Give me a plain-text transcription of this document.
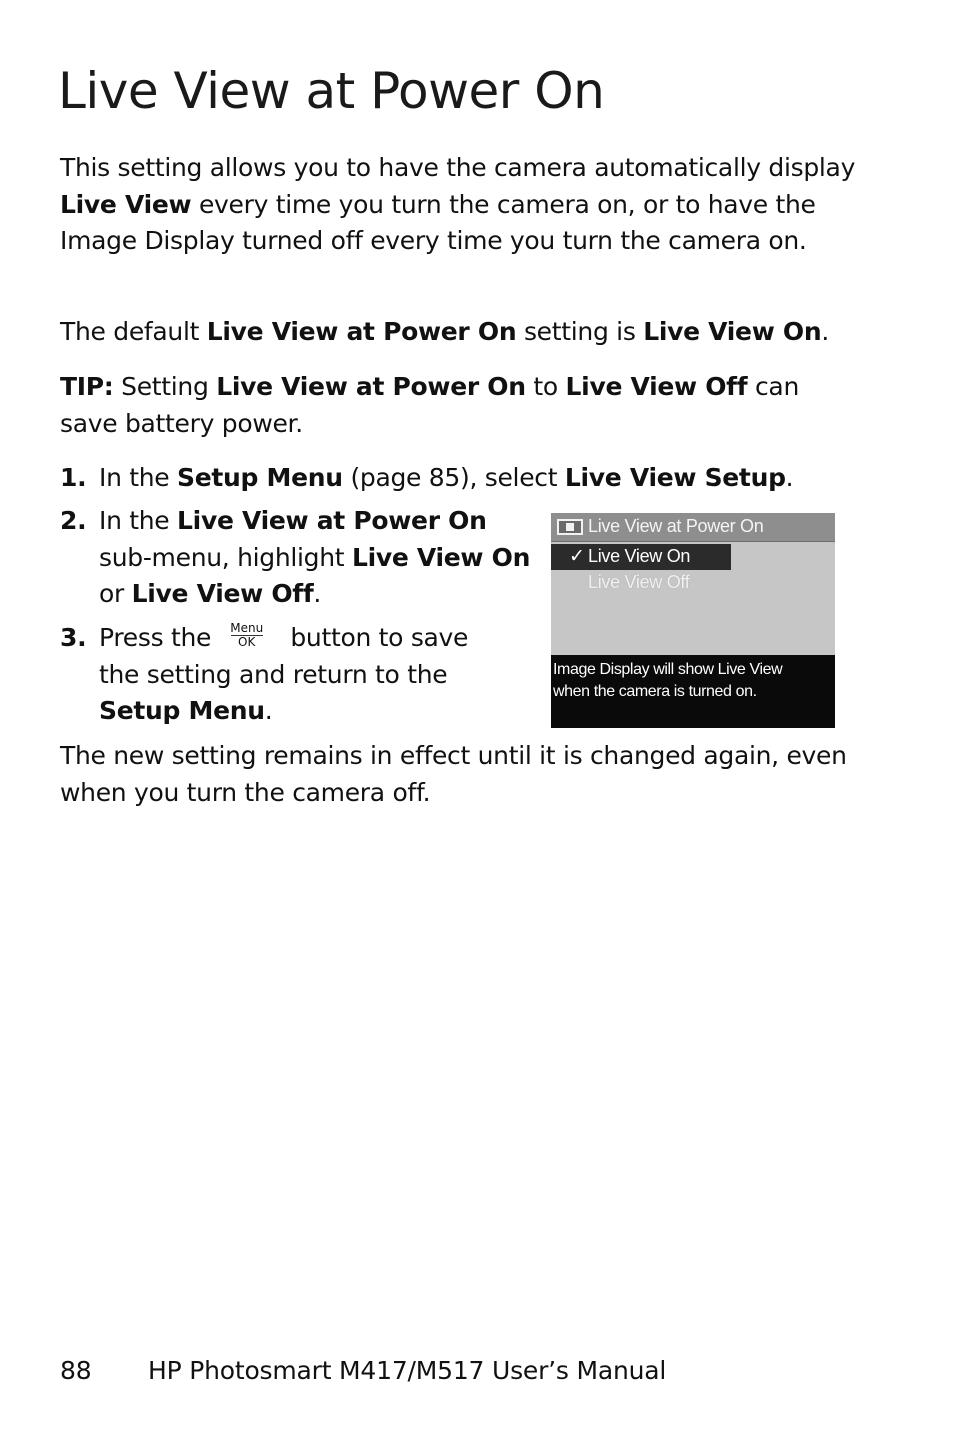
Live View at Power On

This setting allows you to have the camera automatically display Live View every time you turn the camera on, or to have the Image Display turned off every time you turn the camera on.

The default Live View at Power On setting is Live View On.

TIP: Setting Live View at Power On to Live View Off can save battery power.

1. In the Setup Menu (page 85), select Live View Setup.
2. In the Live View at Power On sub-menu, highlight Live View On or Live View Off.
3. Press the Menu
OK	button to save the setting and return to the Setup Menu.
Live View at Power On
✓ Live View On
Live View Off
Image Display will show Live View
when the camera is turned on.

The new setting remains in effect until it is changed again, even when you turn the camera off.

88 HP Photosmart M417/M517 User’s Manual
